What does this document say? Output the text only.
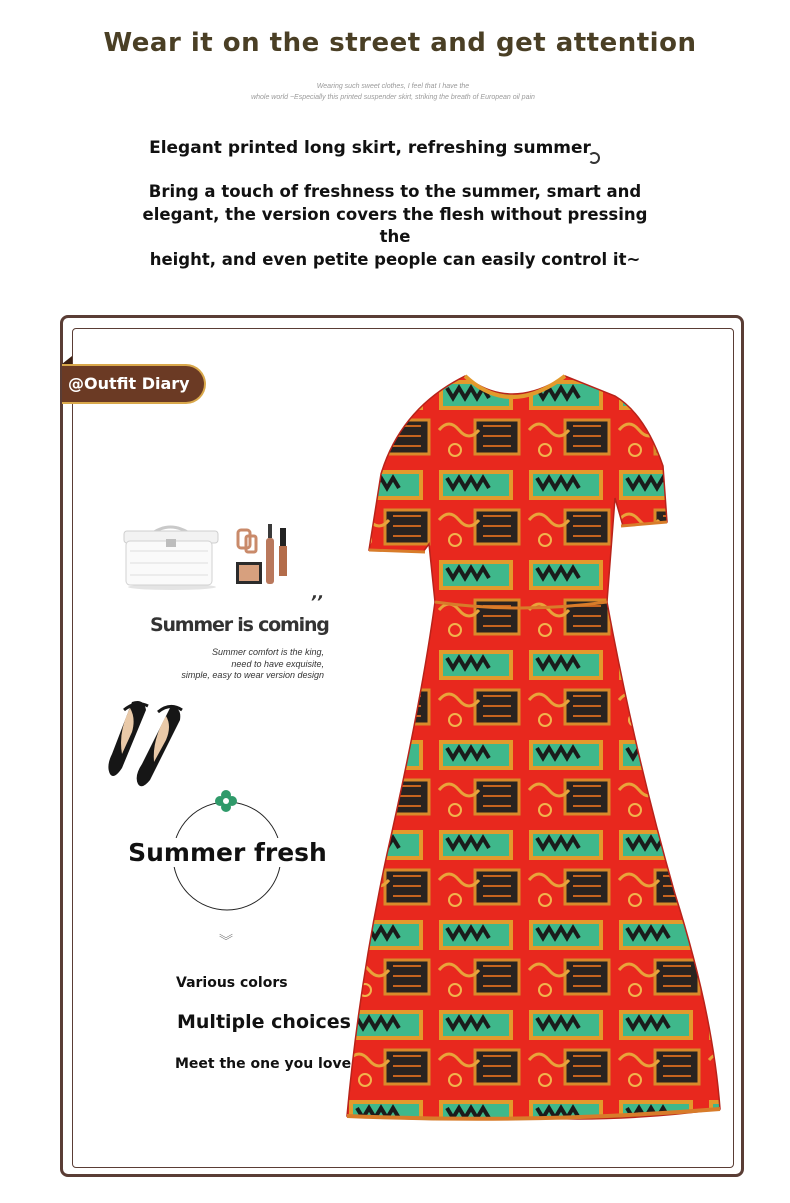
Wear it on the street and get attention
Wearing such sweet clothes, I feel that I have the
whole world ~Especially this printed suspender skirt, striking the breath of European oil pain
Elegant printed long skirt, refreshing summer
Bring a touch of freshness to the summer, smart and
elegant, the version covers the flesh without pressing the
height, and even petite people can easily control it~
@Outfit Diary
,,
Summer is coming
Summer comfort is the king,
need to have exquisite,
simple, easy to wear version design
Summer fresh
︾
Various colors
Multiple choices
Meet the one you love
